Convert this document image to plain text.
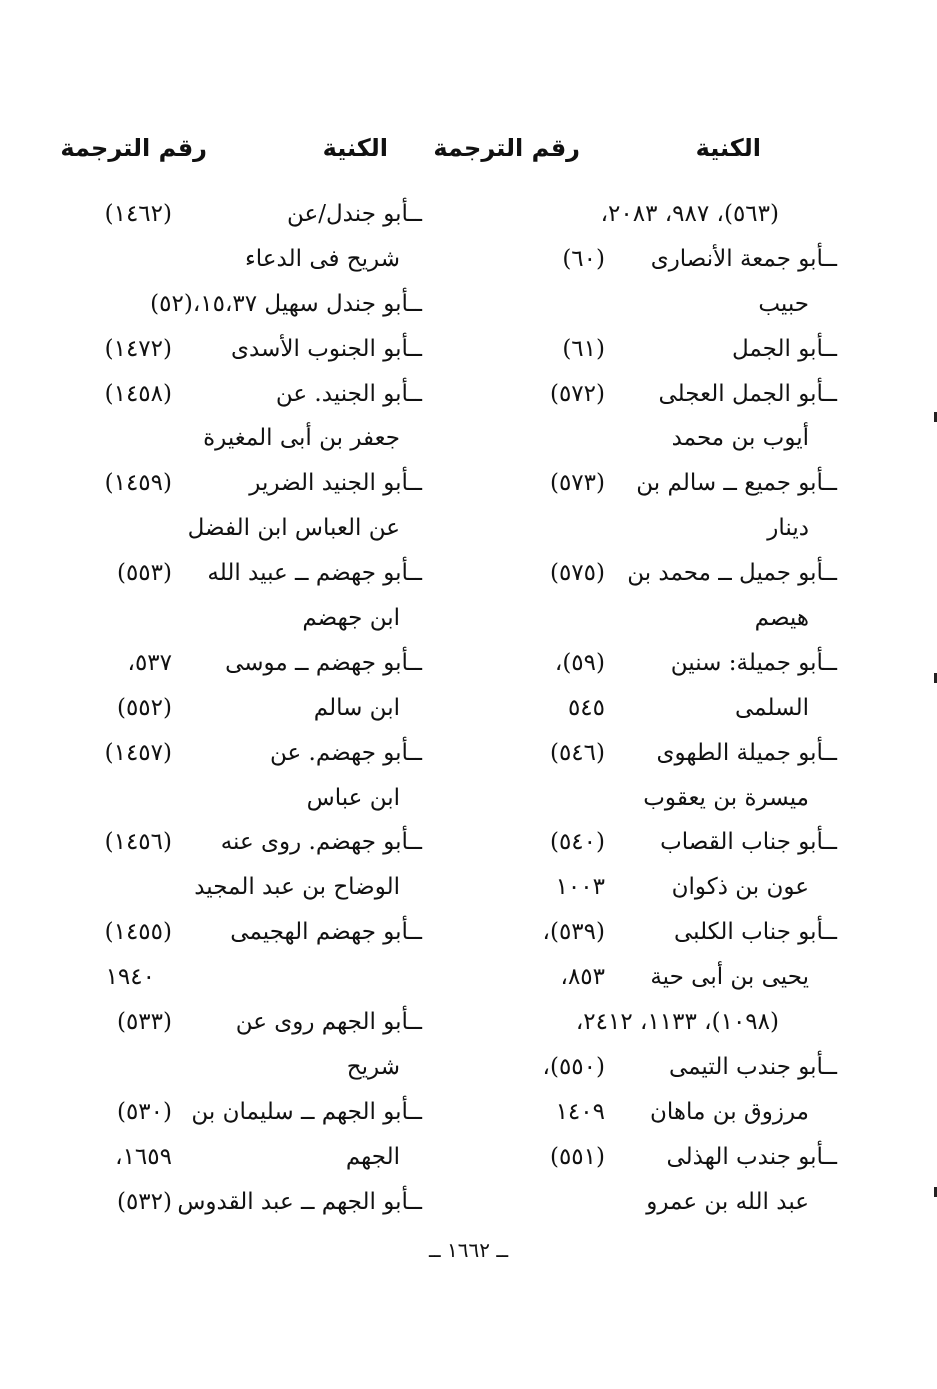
الكنية
رقم الترجمة
الكنية
رقم الترجمة
(٥٦٣)، ٩٨٧، ٢٠٨٣،
ــأبو جمعة الأنصارى
(٦٠)
حبيب
ــأبو الجمل
(٦١)
ــأبو الجمل العجلى
(٥٧٢)
أيوب بن محمد
ــأبو جميع ــ سالم بن
(٥٧٣)
دينار
ــأبو جميل ــ محمد بن
(٥٧٥)
هيصم
ــأبو جميلة: سنين
(٥٩)،
السلمى
٥٤٥
ــأبو جميلة الطهوى
(٥٤٦)
ميسرة بن يعقوب
ــأبو جناب القصاب
(٥٤٠)
عون بن ذكوان
١٠٠٣
ــأبو جناب الكلبى
(٥٣٩)،
يحيى بن أبى حية
٨٥٣،
(١٠٩٨)، ١١٣٣، ٢٤١٢،
ــأبو جندب التيمى
(٥٥٠)،
مرزوق بن ماهان
١٤٠٩
ــأبو جندب الهذلى
(٥٥١)
عبد الله بن عمرو
ــأبو جندل/عن
(١٤٦٢)
شريح فى الدعاء
ــأبو جندل سهيل ١٥،٣٧،(٥٢)
ــأبو الجنوب الأسدى
(١٤٧٢)
ــأبو الجنيد. عن
(١٤٥٨)
جعفر بن أبى المغيرة
ــأبو الجنيد الضرير
(١٤٥٩)
عن العباس ابن الفضل
ــأبو جهضم ــ عبيد الله
(٥٥٣)
ابن جهضم
ــأبو جهضم ــ موسى
٥٣٧،
ابن سالم
(٥٥٢)
ــأبو جهضم. عن
(١٤٥٧)
ابن عباس
ــأبو جهضم. روى عنه
(١٤٥٦)
الوضاح بن عبد المجيد
ــأبو جهضم الهجيمى
(١٤٥٥)
١٩٤٠
ــأبو الجهم روى عن
(٥٣٣)
شريح
ــأبو الجهم ــ سليمان بن
(٥٣٠)
الجهم
١٦٥٩،
ــأبو الجهم ــ عبد القدوس
(٥٣٢)
ــ ١٦٦٢ ــ
